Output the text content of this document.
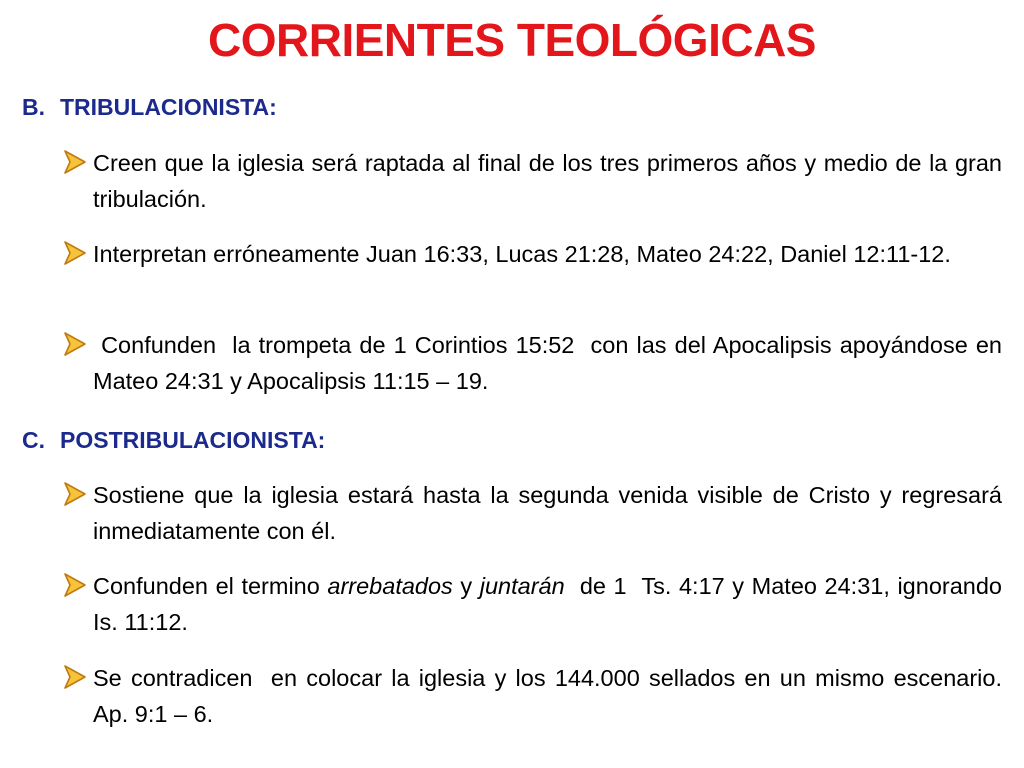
CORRIENTES TEOLÓGICAS
B. TRIBULACIONISTA:
Creen que la iglesia será raptada al final de los tres primeros años y medio de la gran tribulación.
Interpretan erróneamente Juan 16:33, Lucas 21:28, Mateo 24:22, Daniel 12:11-12.
Confunden  la trompeta de 1 Corintios 15:52  con las del Apocalipsis apoyándose en  Mateo 24:31 y Apocalipsis 11:15 – 19.
C. POSTRIBULACIONISTA:
Sostiene que la iglesia estará hasta la segunda venida visible de Cristo y regresará   inmediatamente con él.
Confunden el termino arrebatados y juntarán  de 1  Ts. 4:17 y Mateo 24:31, ignorando Is. 11:12.
Se contradicen  en colocar la iglesia y los 144.000 sellados en un mismo escenario. Ap. 9:1 – 6.
